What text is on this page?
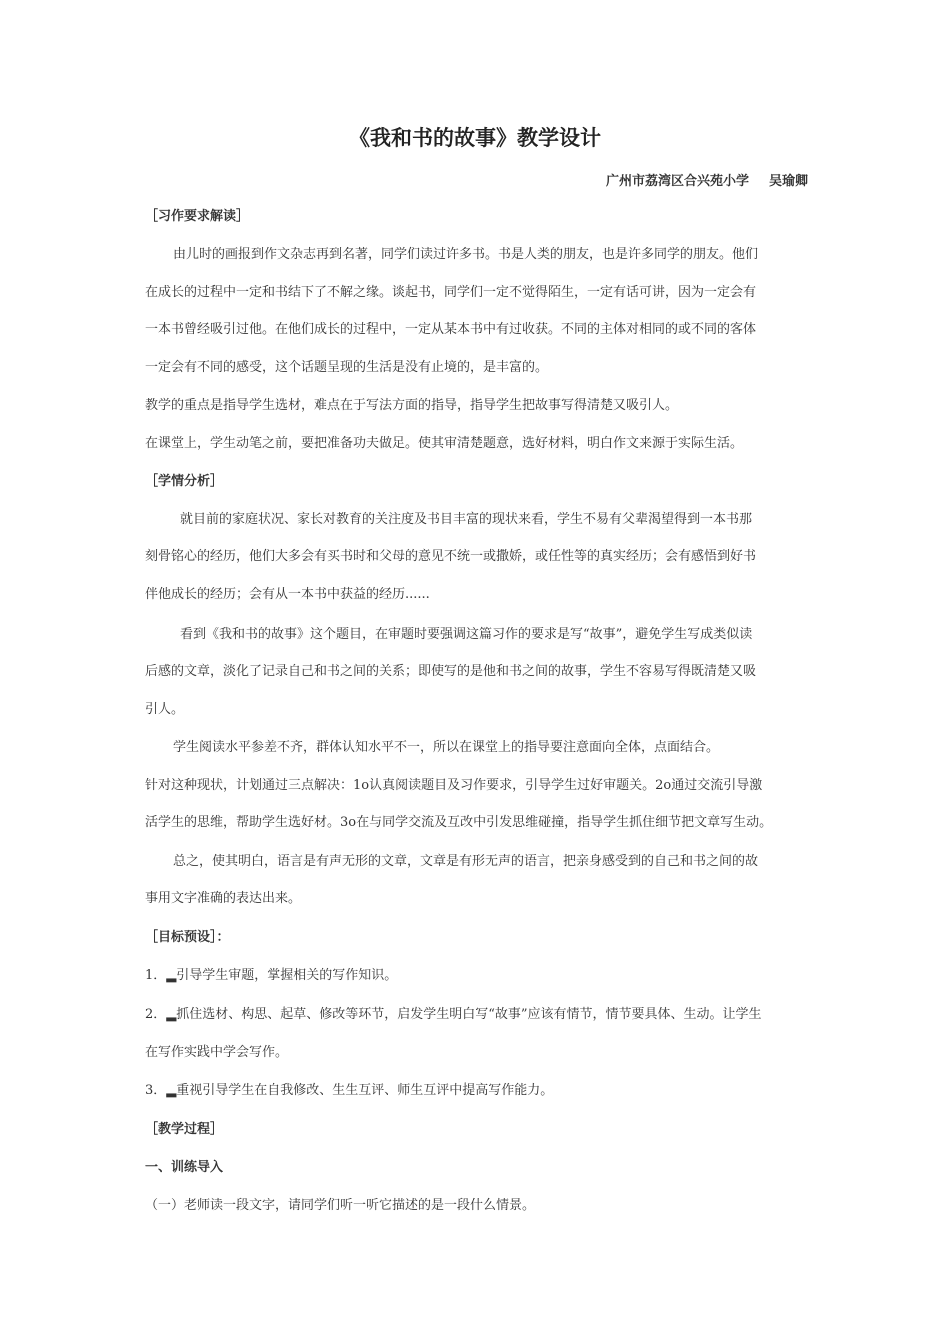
《我和书的故事》教学设计
广州市荔湾区合兴苑小学 吴瑜卿
［习作要求解读］
由儿时的画报到作文杂志再到名著，同学们读过许多书。书是人类的朋友，也是许多同学的朋友。他们
在成长的过程中一定和书结下了不解之缘。谈起书，同学们一定不觉得陌生，一定有话可讲，因为一定会有
一本书曾经吸引过他。在他们成长的过程中，一定从某本书中有过收获。不同的主体对相同的或不同的客体
一定会有不同的感受，这个话题呈现的生活是没有止境的，是丰富的。
教学的重点是指导学生选材，难点在于写法方面的指导，指导学生把故事写得清楚又吸引人。
在课堂上，学生动笔之前，要把准备功夫做足。使其审清楚题意，选好材料，明白作文来源于实际生活。
［学情分析］
就目前的家庭状况、家长对教育的关注度及书目丰富的现状来看，学生不易有父辈渴望得到一本书那
刻骨铭心的经历，他们大多会有买书时和父母的意见不统一或撒娇，或任性等的真实经历；会有感悟到好书
伴他成长的经历；会有从一本书中获益的经历......
看到《我和书的故事》这个题目，在审题时要强调这篇习作的要求是写“故事”，避免学生写成类似读
后感的文章，淡化了记录自己和书之间的关系；即使写的是他和书之间的故事，学生不容易写得既清楚又吸
引人。
学生阅读水平参差不齐，群体认知水平不一，所以在课堂上的指导要注意面向全体，点面结合。
针对这种现状，计划通过三点解决：1o认真阅读题目及习作要求，引导学生过好审题关。2o通过交流引导激
活学生的思维，帮助学生选好材。3o在与同学交流及互改中引发思维碰撞，指导学生抓住细节把文章写生动。
总之，使其明白，语言是有声无形的文章，文章是有形无声的语言，把亲身感受到的自己和书之间的故
事用文字准确的表达出来。
［目标预设］：
1．▂引导学生审题，掌握相关的写作知识。
2．▂抓住选材、构思、起草、修改等环节，启发学生明白写“故事”应该有情节，情节要具体、生动。让学生
在写作实践中学会写作。
3．▂重视引导学生在自我修改、生生互评、师生互评中提高写作能力。
［教学过程］
一、训练导入
（一）老师读一段文字，请同学们听一听它描述的是一段什么情景。
